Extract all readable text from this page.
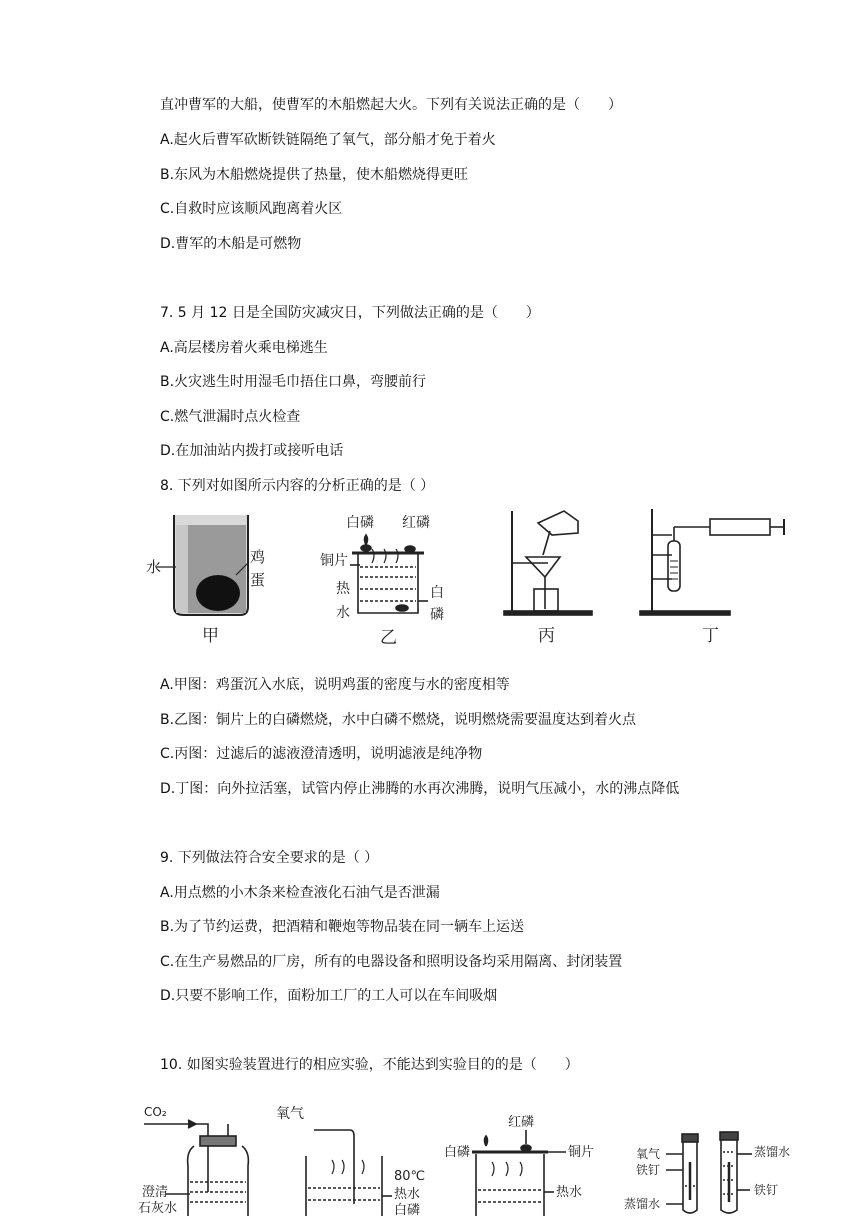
直冲曹军的大船，使曹军的木船燃起大火。下列有关说法正确的是（　　）
A.起火后曹军砍断铁链隔绝了氧气，部分船才免于着火
B.东风为木船燃烧提供了热量，使木船燃烧得更旺
C.自救时应该顺风跑离着火区
D.曹军的木船是可燃物
7. 5 月 12 日是全国防灾减灾日，下列做法正确的是（　　）
A.高层楼房着火乘电梯逃生
B.火灾逃生时用湿毛巾捂住口鼻，弯腰前行
C.燃气泄漏时点火检查
D.在加油站内拨打或接听电话
8. 下列对如图所示内容的分析正确的是（ ）
水
鸡
蛋
甲
白磷 红磷
铜 片
热
水
白
磷
乙	丙	丁
A.甲图：鸡蛋沉入水底，说明鸡蛋的密度与水的密度相等
B.乙图：铜片上的白磷燃烧，水中白磷不燃烧，说明燃烧需要温度达到着火点
C.丙图：过滤后的滤液澄清透明，说明滤液是纯净物
D.丁图：向外拉活塞，试管内停止沸腾的水再次沸腾，说明气压减小，水的沸点降低
9. 下列做法符合安全要求的是（ ）
A.用点燃的小木条来检查液化石油气是否泄漏
B.为了节约运费，把酒精和鞭炮等物品装在同一辆车上运送
C.在生产易燃品的厂房，所有的电器设备和照明设备均采用隔离、封闭装置
D.只要不影响工作，面粉加工厂的工人可以在车间吸烟
10. 如图实验装置进行的相应实验，不能达到实验目的的是（　　）
CO₂
澄清
石灰水
氧气
80℃
热水
白磷
红磷
白磷	铜片
热水
氧气
铁钉
蒸馏水
蒸馏水
铁钉
